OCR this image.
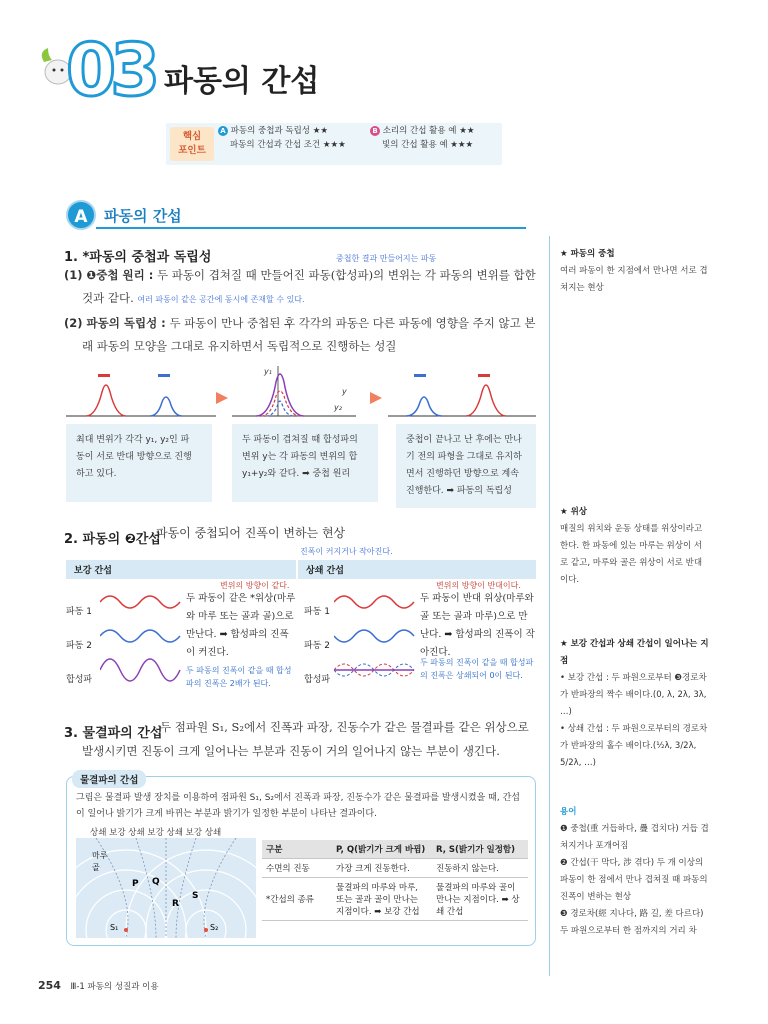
03 파동의 간섭
핵심
포인트
A 파동의 중첩과 독립성 ★★
파동의 간섭과 간섭 조건 ★★★
B 소리의 간섭 활용 예 ★★
빛의 간섭 활용 예 ★★★
A	파동의 간섭
1. *파동의 중첩과 독립성	중첩한 결과 만들어지는 파동
(1) ❶중첩 원리 : 두 파동이 겹쳐질 때 만들어진 파동(합성파)의 변위는 각 파동의 변위를 합한
것과 같다. 여러 파동이 같은 공간에 동시에 존재할 수 있다.
(2) 파동의 독립성 : 두 파동이 만나 중첩된 후 각각의 파동은 다른 파동에 영향을 주지 않고 본
래 파동의 모양을 그대로 유지하면서 독립적으로 진행하는 성질
y₁
y
y₂
최대 변위가 각각 y₁, y₂인 파
동이 서로 반대 방향으로 진행
하고 있다.
두 파동이 겹쳐질 때 합성파의
변위 y는 각 파동의 변위의 합
y₁+y₂와 같다. ➡ 중첩 원리
중첩이 끝나고 난 후에는 만나
기 전의 파형을 그대로 유지하
면서 진행하던 방향으로 계속
진행한다. ➡ 파동의 독립성
2. 파동의 ❷간섭
파동이 중첩되어 진폭이 변하는 현상
진폭이 커지거나 작아진다.
보강 간섭	상쇄 간섭
변위의 방향이 같다.	변위의 방향이 반대이다.
파동 1
파동 2
합성파
두 파동이 같은 *위상(마루와 마루 또는 골과 골)으로 만난다. ➡ 합성파의 진폭이 커진다.
두 파동의 진폭이 같을 때 합성파의 진폭은 2배가 된다.
파동 1
파동 2
합성파
두 파동이 반대 위상(마루와 골 또는 골과 마루)으로 만난다. ➡ 합성파의 진폭이 작아진다.
두 파동의 진폭이 같을 때 합성파의 진폭은 상쇄되어 0이 된다.
3. 물결파의 간섭
두 점파원 S₁, S₂에서 진폭과 파장, 진동수가 같은 물결파를 같은 위상으로
발생시키면 진동이 크게 일어나는 부분과 진동이 거의 일어나지 않는 부분이 생긴다.
물결파의 간섭
그림은 물결파 발생 장치를 이용하여 점파원 S₁, S₂에서 진폭과 파장, 진동수가 같은 물결파를 발생시켰을 때, 간섭이 일어나 밝기가 크게 바뀌는 부분과 밝기가 일정한 부분이 나타난 결과이다.
상쇄 보강 상쇄 보강 상쇄 보강 상쇄
마루
골
P Q
R
S
S₁	S₂
구분	P, Q(밝기가 크게 바뀜)	R, S(밝기가 일정함)
수면의 진동	가장 크게 진동한다.	진동하지 않는다.
*간섭의 종류	물결파의 마루와 마루, 또는 골과 골이 만나는 지점이다. ➡ 보강 간섭	물결파의 마루와 골이 만나는 지점이다. ➡ 상쇄 간섭
★ 파동의 중첩
여러 파동이 한 지점에서 만나면 서로 겹쳐지는 현상
★ 위상
매질의 위치와 운동 상태를 위상이라고 한다. 한 파동에 있는 마루는 위상이 서로 같고, 마루와 골은 위상이 서로 반대이다.
★ 보강 간섭과 상쇄 간섭이 일어나는 지점
• 보강 간섭 : 두 파원으로부터 ❸경로차가 반파장의 짝수 배이다.(0, λ, 2λ, 3λ, …)
• 상쇄 간섭 : 두 파원으로부터의 경로차가 반파장의 홀수 배이다.(½λ, 3/2λ, 5/2λ, …)
용어
❶ 중첩(重 거듭하다, 疊 겹치다) 거듭 겹쳐지거나 포개어짐
❷ 간섭(干 막다, 涉 겪다) 두 개 이상의 파동이 한 점에서 만나 겹쳐질 때 파동의 진폭이 변하는 현상
❸ 경로차(經 지나다, 路 길, 差 다르다) 두 파원으로부터 한 점까지의 거리 차
254 Ⅲ-1 파동의 성질과 이용
